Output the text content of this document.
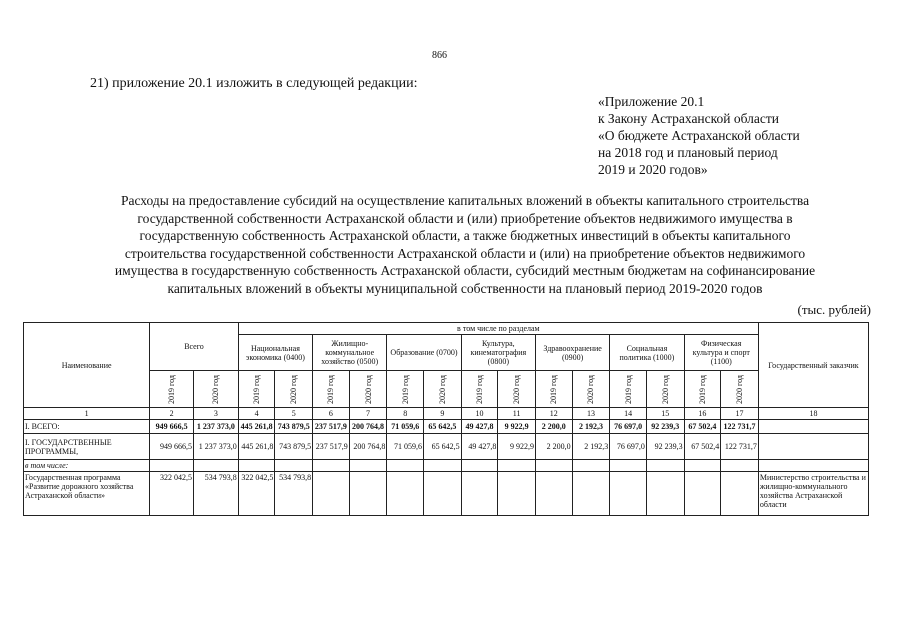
866
21) приложение 20.1 изложить в следующей редакции:
«Приложение 20.1
к Закону Астраханской области
«О бюджете Астраханской области
на 2018 год и плановый период
2019 и 2020 годов»
Расходы на предоставление субсидий на осуществление капитальных вложений в объекты капитального строительства
государственной собственности Астраханской области и (или) приобретение объектов недвижимого имущества в
государственную собственность Астраханской области, а также бюджетных инвестиций в объекты капитального
строительства государственной собственности Астраханской области и (или) на приобретение объектов недвижимого
имущества в государственную собственность Астраханской области, субсидий местным бюджетам на софинансирование
капитальных вложений в объекты муниципальной собственности на плановый период 2019-2020 годов
(тыс. рублей)
Наименование	Всего		в том числе по разделам														Государственный заказчик
			Национальная экономика (0400)		Жилищно-коммунальное хозяйство (0500)		Образование (0700)		Культура, кинематография (0800)		Здравоохранение (0900)		Социальная политика (1000)		Физическая культура и спорт (1100)		
	2019 год	2020 год	2019 год	2020 год	2019 год	2020 год	2019 год	2020 год	2019 год	2020 год	2019 год	2020 год	2019 год	2020 год	2019 год	2020 год	
1	2	3	4	5	6	7	8	9	10	11	12	13	14	15	16	17	18
I. ВСЕГО:	949 666,5	1 237 373,0	445 261,8	743 879,5	237 517,9	200 764,8	71 059,6	65 642,5	49 427,8	9 922,9	2 200,0	2 192,3	76 697,0	92 239,3	67 502,4	122 731,7	
I. ГОСУДАРСТВЕННЫЕ ПРОГРАММЫ,	949 666,5	1 237 373,0	445 261,8	743 879,5	237 517,9	200 764,8	71 059,6	65 642,5	49 427,8	9 922,9	2 200,0	2 192,3	76 697,0	92 239,3	67 502,4	122 731,7	
в том числе:																	
Государственная программа «Развитие дорожного хозяйства Астраханской области»	322 042,5	534 793,8	322 042,5	534 793,8													Министерство строительства и жилищно-коммунального хозяйства Астраханской области
